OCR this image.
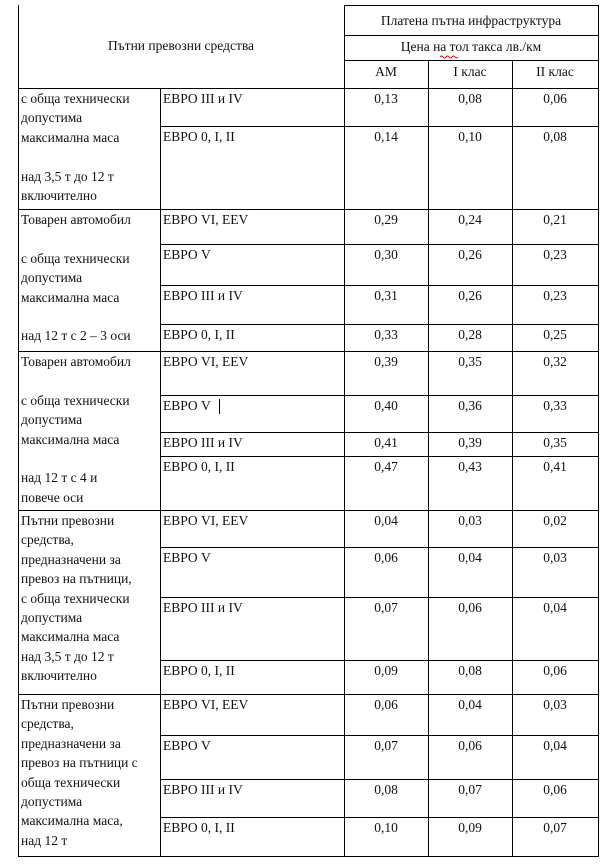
Пътни превозни средства
Платена пътна инфраструктура
Цена на тол такса лв./км
АМ	I клас	II клас
с обща технически
допустима
максимална маса
над 3,5 т до 12 т
включително
ЕВРО III и IV	0,13	0,08	0,06
ЕВРО 0, I, II	0,14	0,10	0,08
Товарен автомобил
с обща технически
допустима
максимална маса
над 12 т с 2 – 3 оси
ЕВРО VI, EEV	0,29	0,24	0,21
ЕВРО V	0,30	0,26	0,23
ЕВРО III и IV	0,31	0,26	0,23
ЕВРО 0, I, II	0,33	0,28	0,25
Товарен автомобил
с обща технически
допустима
максимална маса
над 12 т с 4 и
повече оси
ЕВРО VI, EEV	0,39	0,35	0,32
ЕВРО V	0,40	0,36	0,33
ЕВРО III и IV	0,41	0,39	0,35
ЕВРО 0, I, II	0,47	0,43	0,41
Пътни превозни
средства,
предназначени за
превоз на пътници,
с обща технически
допустима
максимална маса
над 3,5 т до 12 т
включително
ЕВРО VI, EEV	0,04	0,03	0,02
ЕВРО V	0,06	0,04	0,03
ЕВРО III и IV	0,07	0,06	0,04
ЕВРО 0, I, II	0,09	0,08	0,06
Пътни превозни
средства,
предназначени за
превоз на пътници с
обща технически
допустима
максимална маса,
над 12 т
ЕВРО VI, EEV	0,06	0,04	0,03
ЕВРО V	0,07	0,06	0,04
ЕВРО III и IV	0,08	0,07	0,06
ЕВРО 0, I, II	0,10	0,09	0,07
